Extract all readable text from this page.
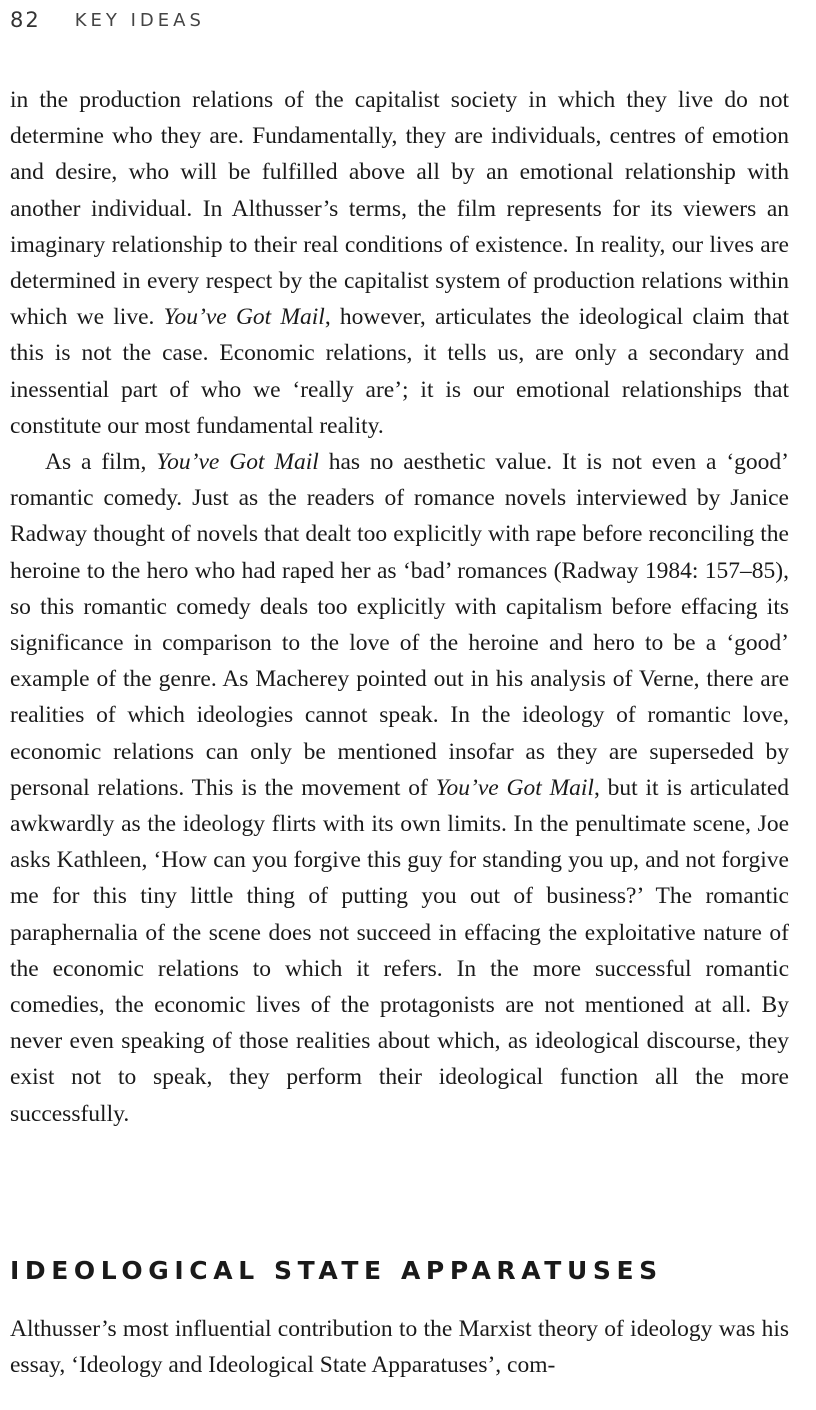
82 KEY IDEAS

in the production relations of the capitalist society in which they live do not determine who they are. Fundamentally, they are individuals, centres of emotion and desire, who will be fulfilled above all by an emotional relationship with another individual. In Althusser’s terms, the film represents for its viewers an imaginary relationship to their real conditions of existence. In reality, our lives are determined in every respect by the capitalist system of production relations within which we live. You’ve Got Mail, however, articulates the ideological claim that this is not the case. Economic relations, it tells us, are only a secondary and inessential part of who we ‘really are’; it is our emotional relationships that constitute our most fundamental reality.

As a film, You’ve Got Mail has no aesthetic value. It is not even a ‘good’ romantic comedy. Just as the readers of romance novels interviewed by Janice Radway thought of novels that dealt too explicitly with rape before reconciling the heroine to the hero who had raped her as ‘bad’ romances (Radway 1984: 157–85), so this romantic comedy deals too explicitly with capitalism before effacing its significance in comparison to the love of the heroine and hero to be a ‘good’ example of the genre. As Macherey pointed out in his analysis of Verne, there are realities of which ideologies cannot speak. In the ideology of romantic love, economic relations can only be mentioned insofar as they are superseded by personal relations. This is the movement of You’ve Got Mail, but it is articulated awkwardly as the ideology flirts with its own limits. In the penultimate scene, Joe asks Kathleen, ‘How can you forgive this guy for standing you up, and not forgive me for this tiny little thing of putting you out of business?’ The romantic paraphernalia of the scene does not succeed in effacing the exploitative nature of the economic relations to which it refers. In the more successful romantic comedies, the economic lives of the protagonists are not mentioned at all. By never even speaking of those realities about which, as ideological discourse, they exist not to speak, they perform their ideological function all the more successfully.

IDEOLOGICAL STATE APPARATUSES

Althusser’s most influential contribution to the Marxist theory of ideology was his essay, ‘Ideology and Ideological State Apparatuses’, com-
